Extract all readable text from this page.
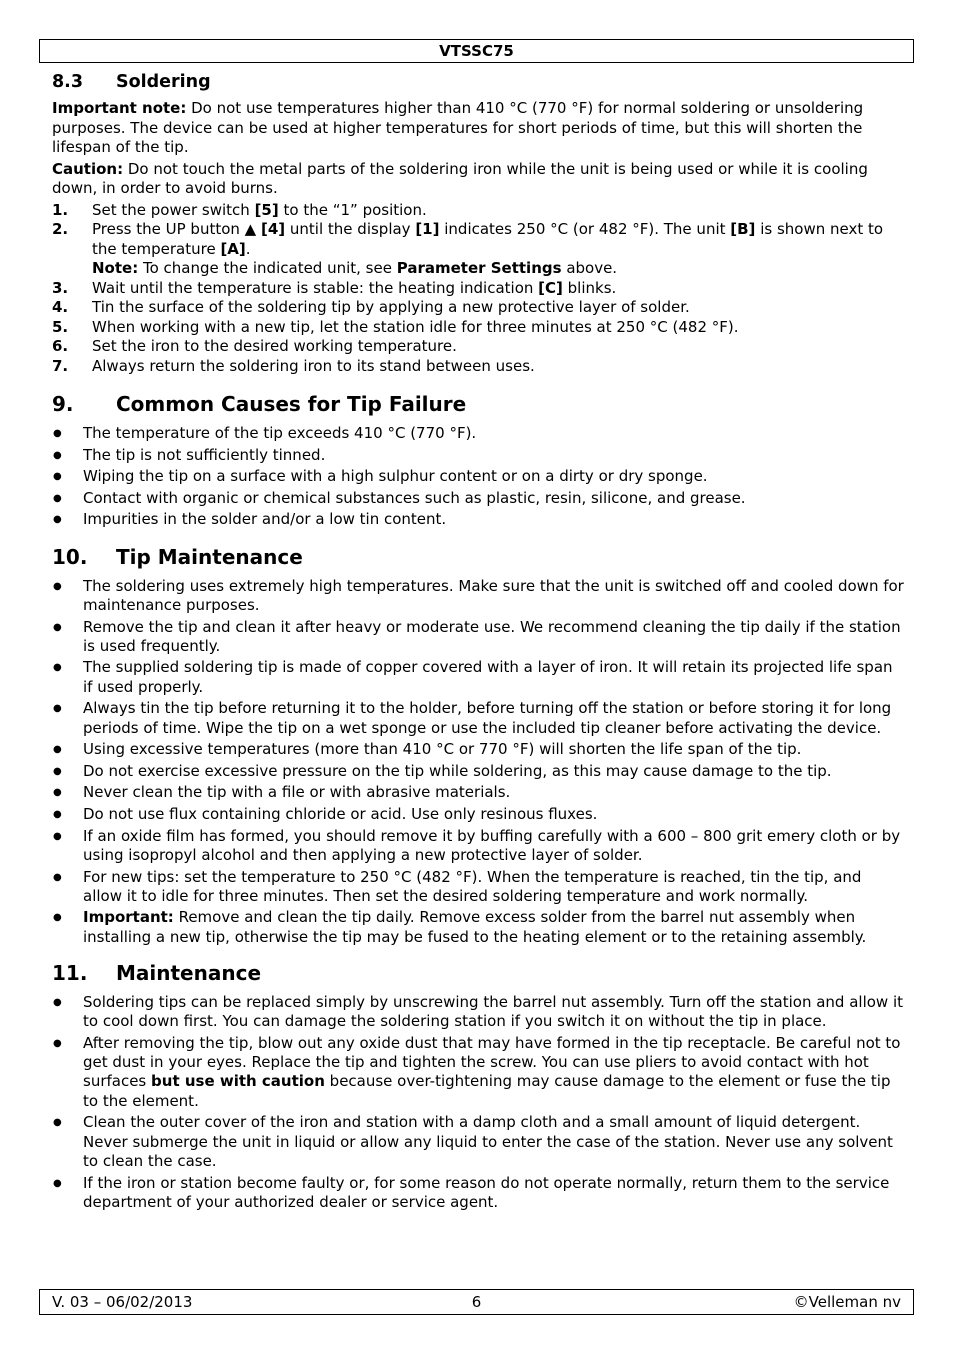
VTSSC75
8.3 Soldering
Important note: Do not use temperatures higher than 410 °C (770 °F) for normal soldering or unsoldering purposes. The device can be used at higher temperatures for short periods of time, but this will shorten the lifespan of the tip.
Caution: Do not touch the metal parts of the soldering iron while the unit is being used or while it is cooling down, in order to avoid burns.
1. Set the power switch [5] to the “1” position.
2. Press the UP button ▲ [4] until the display [1] indicates 250 °C (or 482 °F). The unit [B] is shown next to the temperature [A].
Note: To change the indicated unit, see Parameter Settings above.
3. Wait until the temperature is stable: the heating indication [C] blinks.
4. Tin the surface of the soldering tip by applying a new protective layer of solder.
5. When working with a new tip, let the station idle for three minutes at 250 °C (482 °F).
6. Set the iron to the desired working temperature.
7. Always return the soldering iron to its stand between uses.
9. Common Causes for Tip Failure
● The temperature of the tip exceeds 410 °C (770 °F).
● The tip is not sufficiently tinned.
● Wiping the tip on a surface with a high sulphur content or on a dirty or dry sponge.
● Contact with organic or chemical substances such as plastic, resin, silicone, and grease.
● Impurities in the solder and/or a low tin content.
10. Tip Maintenance
● The soldering uses extremely high temperatures. Make sure that the unit is switched off and cooled down for maintenance purposes.
● Remove the tip and clean it after heavy or moderate use. We recommend cleaning the tip daily if the station is used frequently.
● The supplied soldering tip is made of copper covered with a layer of iron. It will retain its projected life span if used properly.
● Always tin the tip before returning it to the holder, before turning off the station or before storing it for long periods of time. Wipe the tip on a wet sponge or use the included tip cleaner before activating the device.
● Using excessive temperatures (more than 410 °C or 770 °F) will shorten the life span of the tip.
● Do not exercise excessive pressure on the tip while soldering, as this may cause damage to the tip.
● Never clean the tip with a file or with abrasive materials.
● Do not use flux containing chloride or acid. Use only resinous fluxes.
● If an oxide film has formed, you should remove it by buffing carefully with a 600 – 800 grit emery cloth or by using isopropyl alcohol and then applying a new protective layer of solder.
● For new tips: set the temperature to 250 °C (482 °F). When the temperature is reached, tin the tip, and allow it to idle for three minutes. Then set the desired soldering temperature and work normally.
● Important: Remove and clean the tip daily. Remove excess solder from the barrel nut assembly when installing a new tip, otherwise the tip may be fused to the heating element or to the retaining assembly.
11. Maintenance
● Soldering tips can be replaced simply by unscrewing the barrel nut assembly. Turn off the station and allow it to cool down first. You can damage the soldering station if you switch it on without the tip in place.
● After removing the tip, blow out any oxide dust that may have formed in the tip receptacle. Be careful not to get dust in your eyes. Replace the tip and tighten the screw. You can use pliers to avoid contact with hot surfaces but use with caution because over-tightening may cause damage to the element or fuse the tip to the element.
● Clean the outer cover of the iron and station with a damp cloth and a small amount of liquid detergent. Never submerge the unit in liquid or allow any liquid to enter the case of the station. Never use any solvent to clean the case.
● If the iron or station become faulty or, for some reason do not operate normally, return them to the service department of your authorized dealer or service agent.
6
V. 03 – 06/02/2013	©Velleman nv
